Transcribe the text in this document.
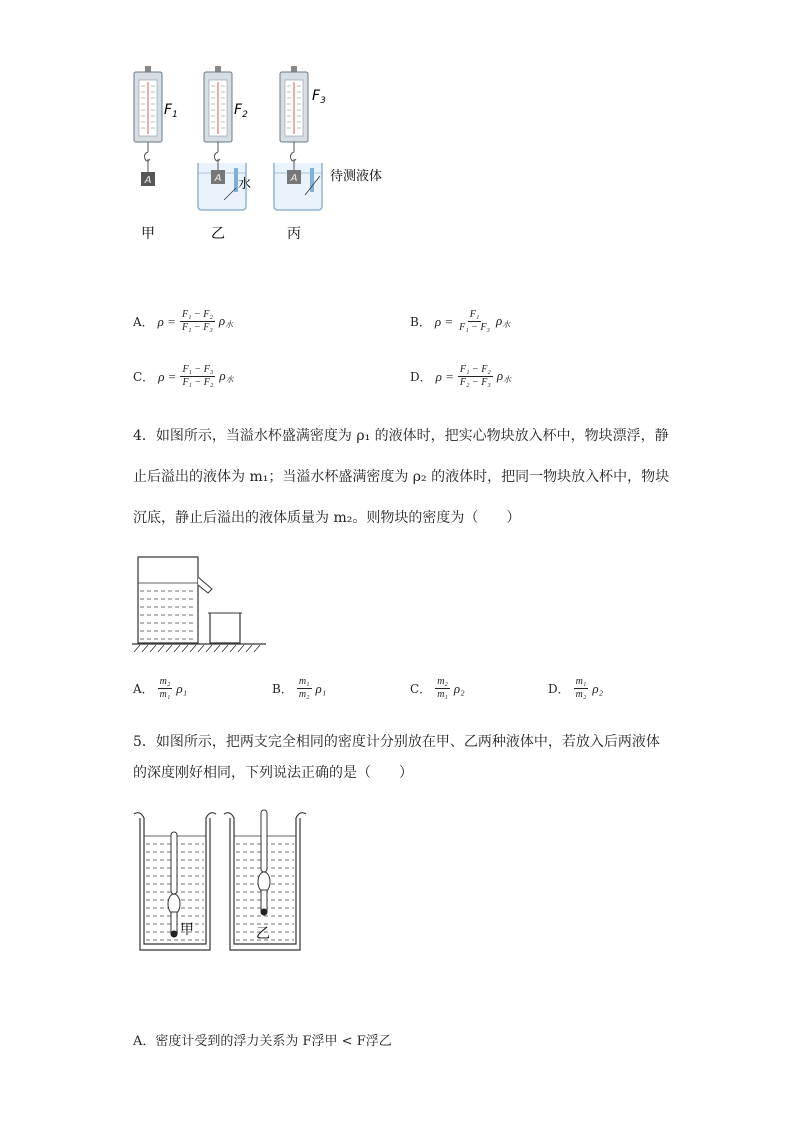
A
$F_1$
A 水
$F_2$
A	待测液体
$F_3$
甲	乙	丙
A． $\rho = \frac{\text{F₁ − F₂}}{\text{F₁ − F₃}} \rho_水$	B． $\rho = \frac{\text{F₁}}{\text{F₁ − F₃}} \rho_水$
C． $\rho = \frac{\text{F₁ − F₃}}{\text{F₁ − F₂}} \rho_水$	D． $\rho = \frac{\text{F₁ − F₂}}{\text{F₂ − F₃}} \rho_水$
4．如图所示，当溢水杯盛满密度为 ρ₁ 的液体时，把实心物块放入杯中，物块漂浮，静
止后溢出的液体为 m₁；当溢水杯盛满密度为 ρ₂ 的液体时，把同一物块放入杯中，物块
沉底，静止后溢出的液体质量为 m₂。则物块的密度为（　　）
A． $\frac{\text{m₂}}{\text{m₁}} \rho_1$	B． $\frac{\text{m₁}}{\text{m₂}} \rho_1$	C． $\frac{\text{m₂}}{\text{m₁}} \rho_2$	D． $\frac{\text{m₁}}{\text{m₂}} \rho_2$
5．如图所示，把两支完全相同的密度计分别放在甲、乙两种液体中，若放入后两液体
的深度刚好相同，下列说法正确的是（　　）
甲	乙
A．密度计受到的浮力关系为 F浮甲 < F浮乙
